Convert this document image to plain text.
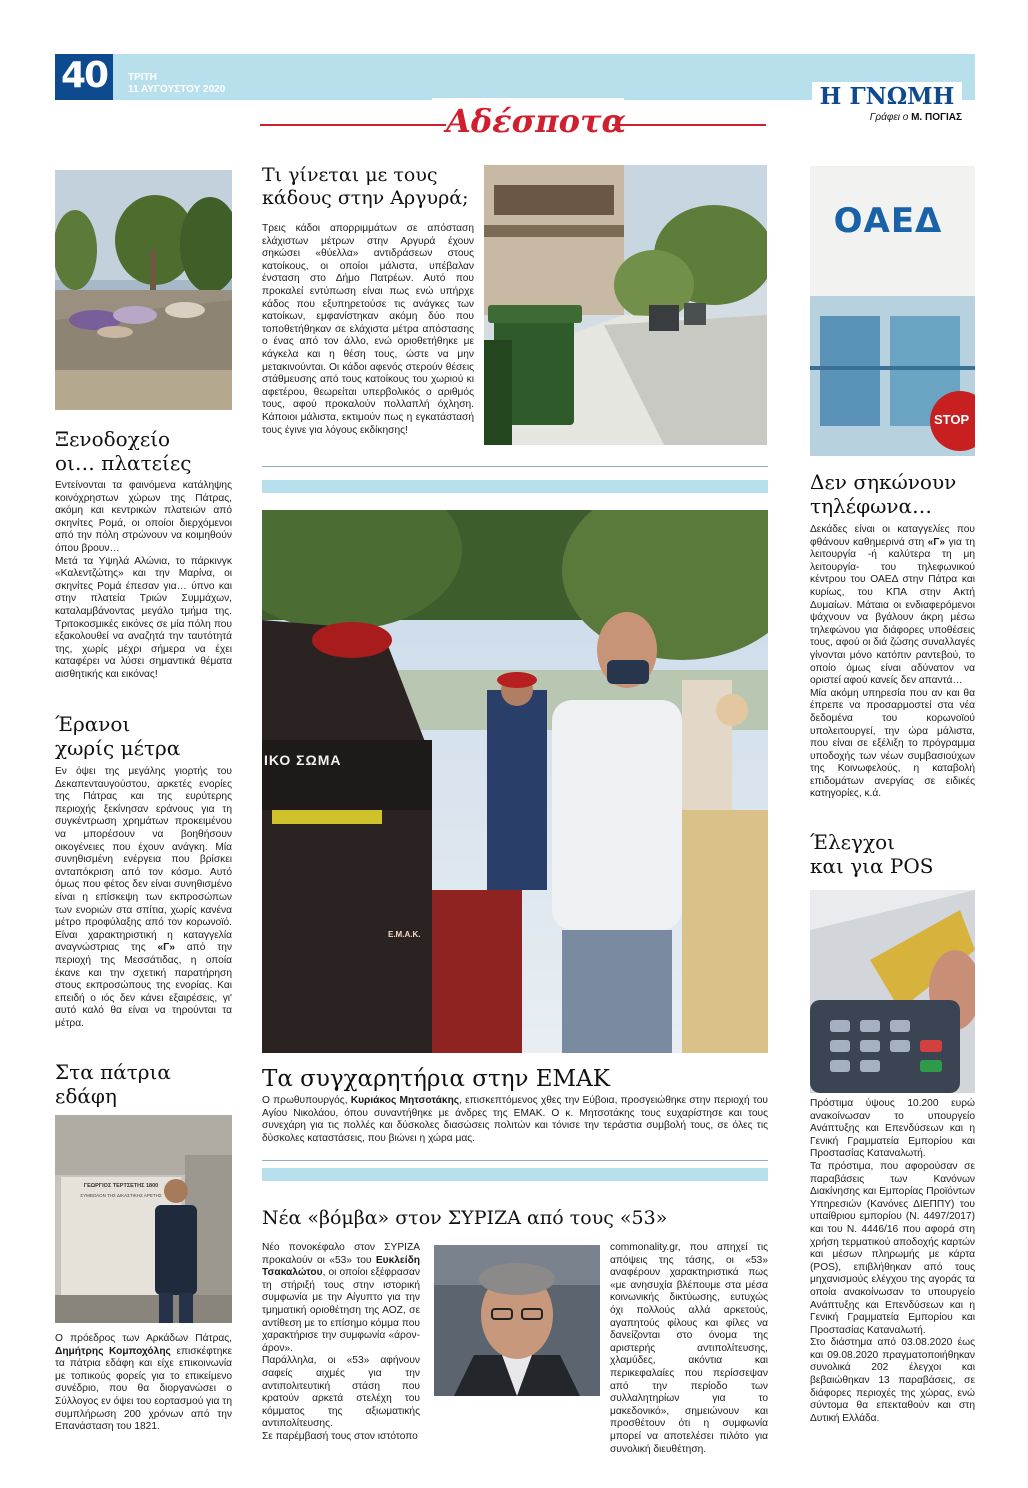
40	ΤΡΙΤΗ
11 ΑΥΓΟΥΣΤΟΥ 2020
Αδέσποτα
Η ΓΝΩΜΗ
Γράφει ο Μ. ΠΟΓΙΑΣ
Ξενοδοχείο
οι… πλατείες

Εντείνονται τα φαινόμενα κατάληψης κοινόχρηστων χώρων της Πάτρας, ακόμη και κεντρικών πλατειών από σκηνίτες Ρομά, οι οποίοι διερχόμενοι από την πόλη στρώνουν να κοιμηθούν όπου βρουν…

Μετά τα Υψηλά Αλώνια, το πάρκινγκ «Καλεντζώτης» και την Μαρίνα, οι σκηνίτες Ρομά έπεσαν για… ύπνο και στην πλατεία Τριών Συμμάχων, καταλαμβάνοντας μεγάλο τμήμα της. Τριτοκοσμικές εικόνες σε μία πόλη που εξακολουθεί να αναζητά την ταυτότητά της, χωρίς μέχρι σήμερα να έχει καταφέρει να λύσει σημαντικά θέματα αισθητικής και εικόνας!

Έρανοι
χωρίς μέτρα

Εν όψει της μεγάλης γιορτής του Δεκαπενταυγούστου, αρκετές ενορίες της Πάτρας και της ευρύτερης περιοχής ξεκίνησαν εράνους για τη συγκέντρωση χρημάτων προκειμένου να μπορέσουν να βοηθήσουν οικογένειες που έχουν ανάγκη. Μία συνηθισμένη ενέργεια που βρίσκει ανταπόκριση από τον κόσμο. Αυτό όμως που φέτος δεν είναι συνηθισμένο είναι η επίσκεψη των εκπροσώπων των ενοριών στα σπίτια, χωρίς κανένα μέτρο προφύλαξης από τον κορωνοϊό. Είναι χαρακτηριστική η καταγγελία αναγνώστριας της «Γ» από την περιοχή της Μεσσάτιδας, η οποία έκανε και την σχετική παρατήρηση στους εκπροσώπους της ενορίας. Και επειδή ο ιός δεν κάνει εξαιρέσεις, γι' αυτό καλό θα είναι να τηρούνται τα μέτρα.

Στα πάτρια
εδάφη
ΓΕΩΡΓΙΟΣ ΤΕΡΤΣΕΤΗΣ 1800
ΣΥΜΒΟΛΟΝ ΤΗΣ ΔΙΚΑΣΤΙΚΗΣ ΑΡΕΤΗΣ

Ο πρόεδρος των Αρκάδων Πάτρας, Δημήτρης Κομποχόλης επισκέφτηκε τα πάτρια εδάφη και είχε επικοινωνία με τοπικούς φορείς για το επικείμενο συνέδριο, που θα διοργανώσει ο Σύλλογος εν όψει του εορτασμού για τη συμπλήρωση 200 χρόνων από την Επανάσταση του 1821.

Τι γίνεται με τους
κάδους στην Αργυρά;

Τρεις κάδοι απορριμμάτων σε απόσταση ελάχιστων μέτρων στην Αργυρά έχουν σηκώσει «θύελλα» αντιδράσεων στους κατοίκους, οι οποίοι μάλιστα, υπέβαλαν ένσταση στο Δήμο Πατρέων. Αυτό που προκαλεί εντύπωση είναι πως ενώ υπήρχε κάδος που εξυπηρετούσε τις ανάγκες των κατοίκων, εμφανίστηκαν ακόμη δύο που τοποθετήθηκαν σε ελάχιστα μέτρα απόστασης ο ένας από τον άλλο, ενώ οριοθετήθηκε με κάγκελα και η θέση τους, ώστε να μην μετακινούνται. Οι κάδοι αφενός στερούν θέσεις στάθμευσης από τους κατοίκους του χωριού κι αφετέρου, θεωρείται υπερβολικός ο αριθμός τους, αφού προκαλούν πολλαπλή όχληση. Κάποιοι μάλιστα, εκτιμούν πως η εγκατάστασή τους έγινε για λόγους εκδίκησης!

ΙΚΟ ΣΩΜΑ
Ε.Μ.Α.Κ.
Τα συγχαρητήρια στην ΕΜΑΚ

Ο πρωθυπουργός, Κυριάκος Μητσοτάκης, επισκεπτόμενος χθες την Εύβοια, προσγειώθηκε στην περιοχή του Αγίου Νικολάου, όπου συναντήθηκε με άνδρες της ΕΜΑΚ. Ο κ. Μητσοτάκης τους ευχαρίστησε και τους συνεχάρη για τις πολλές και δύσκολες διασώσεις πολιτών και τόνισε την τεράστια συμβολή τους, σε όλες τις δύσκολες καταστάσεις, που βιώνει η χώρα μας.

Νέα «βόμβα» στον ΣΥΡΙΖΑ από τους «53»

Νέο πονοκέφαλο στον ΣΥΡΙΖΑ προκαλούν οι «53» του Ευκλείδη Τσακαλώτου, οι οποίοι εξέφρασαν τη στήριξή τους στην ιστορική συμφωνία με την Αίγυπτο για την τμηματική οριοθέτηση της ΑΟΖ, σε αντίθεση με το επίσημο κόμμα που χαρακτήρισε την συμφωνία «άρον-άρον».

Παράλληλα, οι «53» αφήνουν σαφείς αιχμές για την αντιπολιτευτική στάση που κρατούν αρκετά στελέχη του κόμματος της αξιωματικής αντιπολίτευσης.

Σε παρέμβασή τους στον ιστότοπο

commonality.gr, που απηχεί τις απόψεις της τάσης, οι «53» αναφέρουν χαρακτηριστικά πως «με ανησυχία βλέπουμε στα μέσα κοινωνικής δικτύωσης, ευτυχώς όχι πολλούς αλλά αρκετούς, αγαπητούς φίλους και φίλες να δανείζονται στο όνομα της αριστερής αντιπολίτευσης, χλαμύδες, ακόντια και περικεφαλαίες που περίσσεψαν από την περίοδο των συλλαλητηρίων για το μακεδονικό», σημειώνουν και προσθέτουν ότι η συμφωνία μπορεί να αποτελέσει πιλότο για συνολική διευθέτηση.

ΟΑΕΔ
STOP
Δεν σηκώνουν
τηλέφωνα…

Δεκάδες είναι οι καταγγελίες που φθάνουν καθημερινά στη «Γ» για τη λειτουργία -ή καλύτερα τη μη λειτουργία- του τηλεφωνικού κέντρου του ΟΑΕΔ στην Πάτρα και κυρίως, του ΚΠΑ στην Ακτή Δυμαίων. Μάταια οι ενδιαφερόμενοι ψάχνουν να βγάλουν άκρη μέσω τηλεφώνου για διάφορες υποθέσεις τους, αφού οι διά ζώσης συναλλαγές γίνονται μόνο κατόπιν ραντεβού, το οποίο όμως είναι αδύνατον να οριστεί αφού κανείς δεν απαντά…

Μία ακόμη υπηρεσία που αν και θα έπρεπε να προσαρμοστεί στα νέα δεδομένα του κορωνοϊού υπολειτουργεί, την ώρα μάλιστα, που είναι σε εξέλιξη το πρόγραμμα υποδοχής των νέων συμβασιούχων της Κοινωφελούς, η καταβολή επιδομάτων ανεργίας σε ειδικές κατηγορίες, κ.ά.

Έλεγχοι
και για POS

Πρόστιμα ύψους 10.200 ευρώ ανακοίνωσαν το υπουργείο Ανάπτυξης και Επενδύσεων και η Γενική Γραμματεία Εμπορίου και Προστασίας Καταναλωτή.

Τα πρόστιμα, που αφορούσαν σε παραβάσεις των Κανόνων Διακίνησης και Εμπορίας Προϊόντων Υπηρεσιών (Κανόνες ΔΙΕΠΠΥ) του υπαίθριου εμπορίου (Ν. 4497/2017) και του Ν. 4446/16 που αφορά στη χρήση τερματικού αποδοχής καρτών και μέσων πληρωμής με κάρτα (POS), επιβλήθηκαν από τους μηχανισμούς ελέγχου της αγοράς τα οποία ανακοίνωσαν το υπουργείο Ανάπτυξης και Επενδύσεων και η Γενική Γραμματεία Εμπορίου και Προστασίας Καταναλωτή.

Στο διάστημα από 03.08.2020 έως και 09.08.2020 πραγματοποιήθηκαν συνολικά 202 έλεγχοι και βεβαιώθηκαν 13 παραβάσεις, σε διάφορες περιοχές της χώρας, ενώ σύντομα θα επεκταθούν και στη Δυτική Ελλάδα.
